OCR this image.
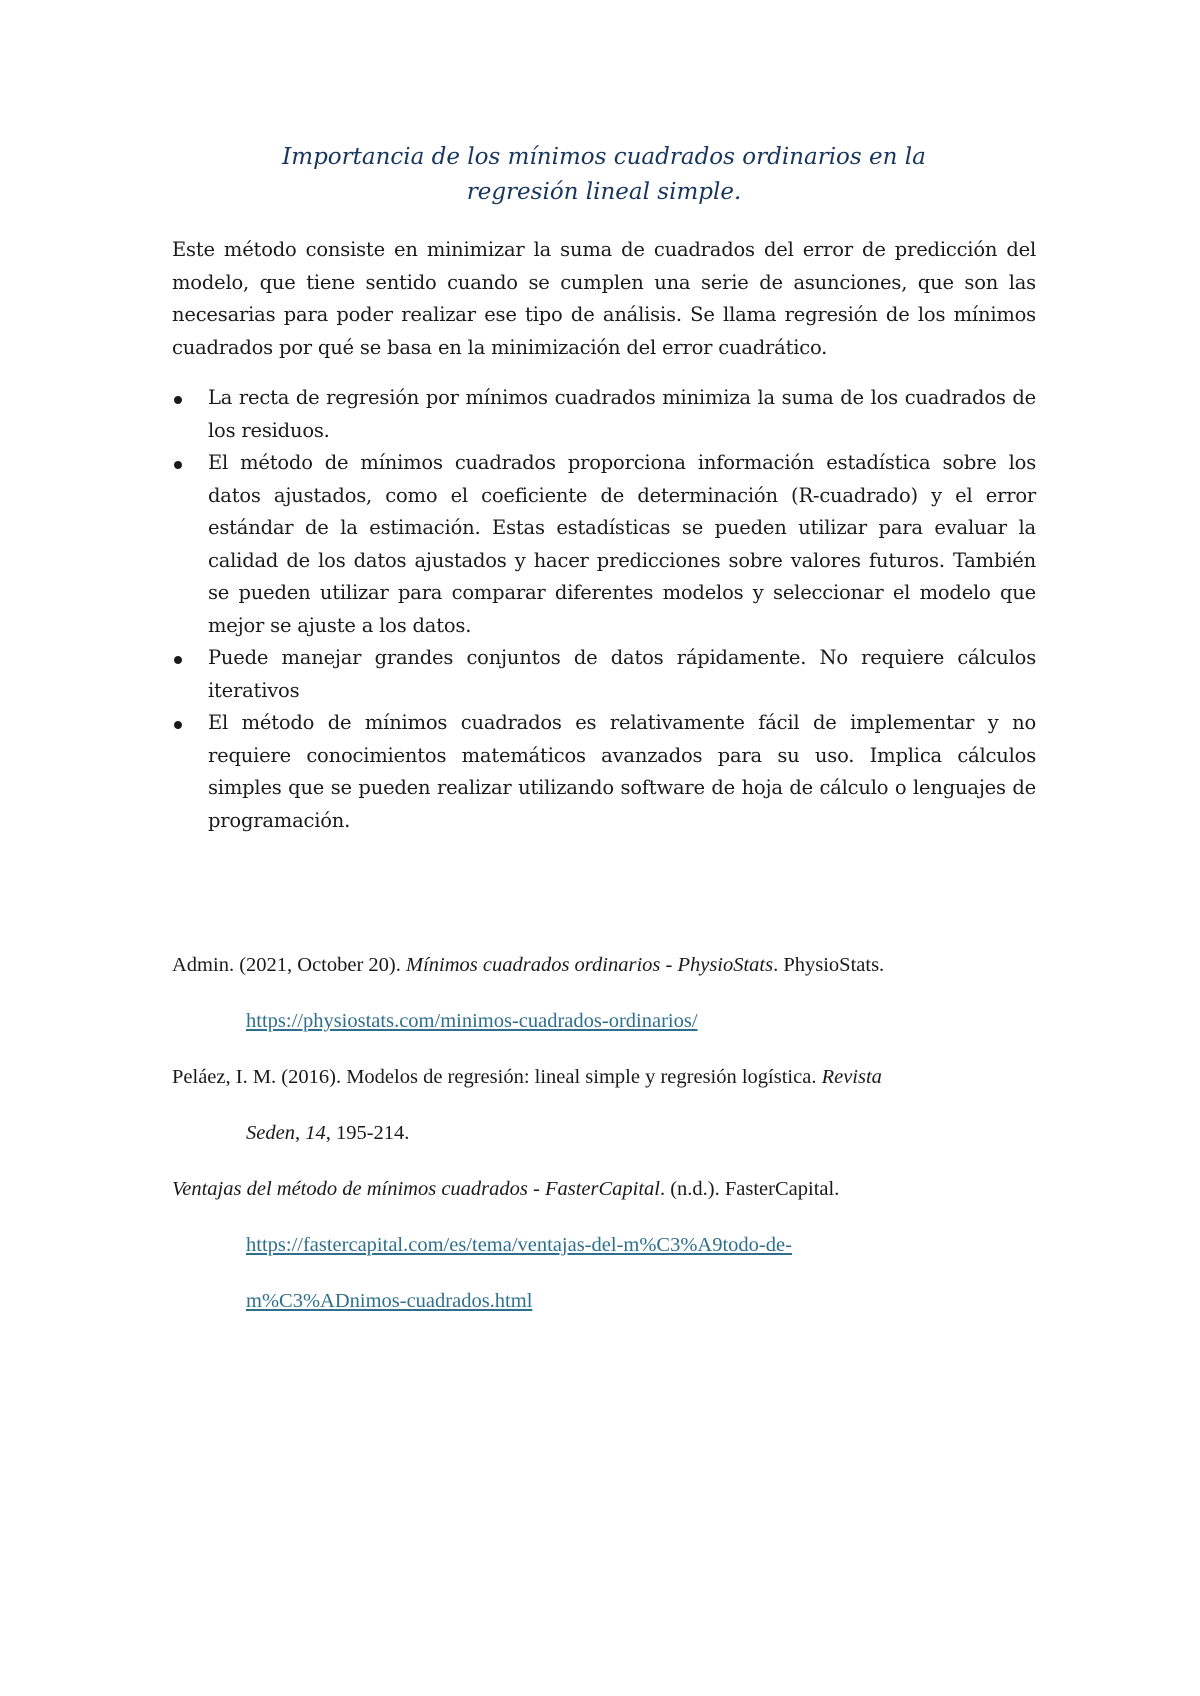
Importancia de los mínimos cuadrados ordinarios en la
regresión lineal simple.

Este método consiste en minimizar la suma de cuadrados del error de predicción del modelo, que tiene sentido cuando se cumplen una serie de asunciones, que son las necesarias para poder realizar ese tipo de análisis. Se llama regresión de los mínimos cuadrados por qué se basa en la minimización del error cuadrático.

La recta de regresión por mínimos cuadrados minimiza la suma de los cuadrados de los residuos.
El método de mínimos cuadrados proporciona información estadística sobre los datos ajustados, como el coeficiente de determinación (R-cuadrado) y el error estándar de la estimación. Estas estadísticas se pueden utilizar para evaluar la calidad de los datos ajustados y hacer predicciones sobre valores futuros. También se pueden utilizar para comparar diferentes modelos y seleccionar el modelo que mejor se ajuste a los datos.
Puede manejar grandes conjuntos de datos rápidamente. No requiere cálculos iterativos
El método de mínimos cuadrados es relativamente fácil de implementar y no requiere conocimientos matemáticos avanzados para su uso. Implica cálculos simples que se pueden realizar utilizando software de hoja de cálculo o lenguajes de programación.

Admin. (2021, October 20). Mínimos cuadrados ordinarios - PhysioStats. PhysioStats.
https://physiostats.com/minimos-cuadrados-ordinarios/

Peláez, I. M. (2016). Modelos de regresión: lineal simple y regresión logística. Revista
Seden, 14, 195-214.

Ventajas del método de mínimos cuadrados - FasterCapital. (n.d.). FasterCapital.
https://fastercapital.com/es/tema/ventajas-del-m%C3%A9todo-de-
m%C3%ADnimos-cuadrados.html
